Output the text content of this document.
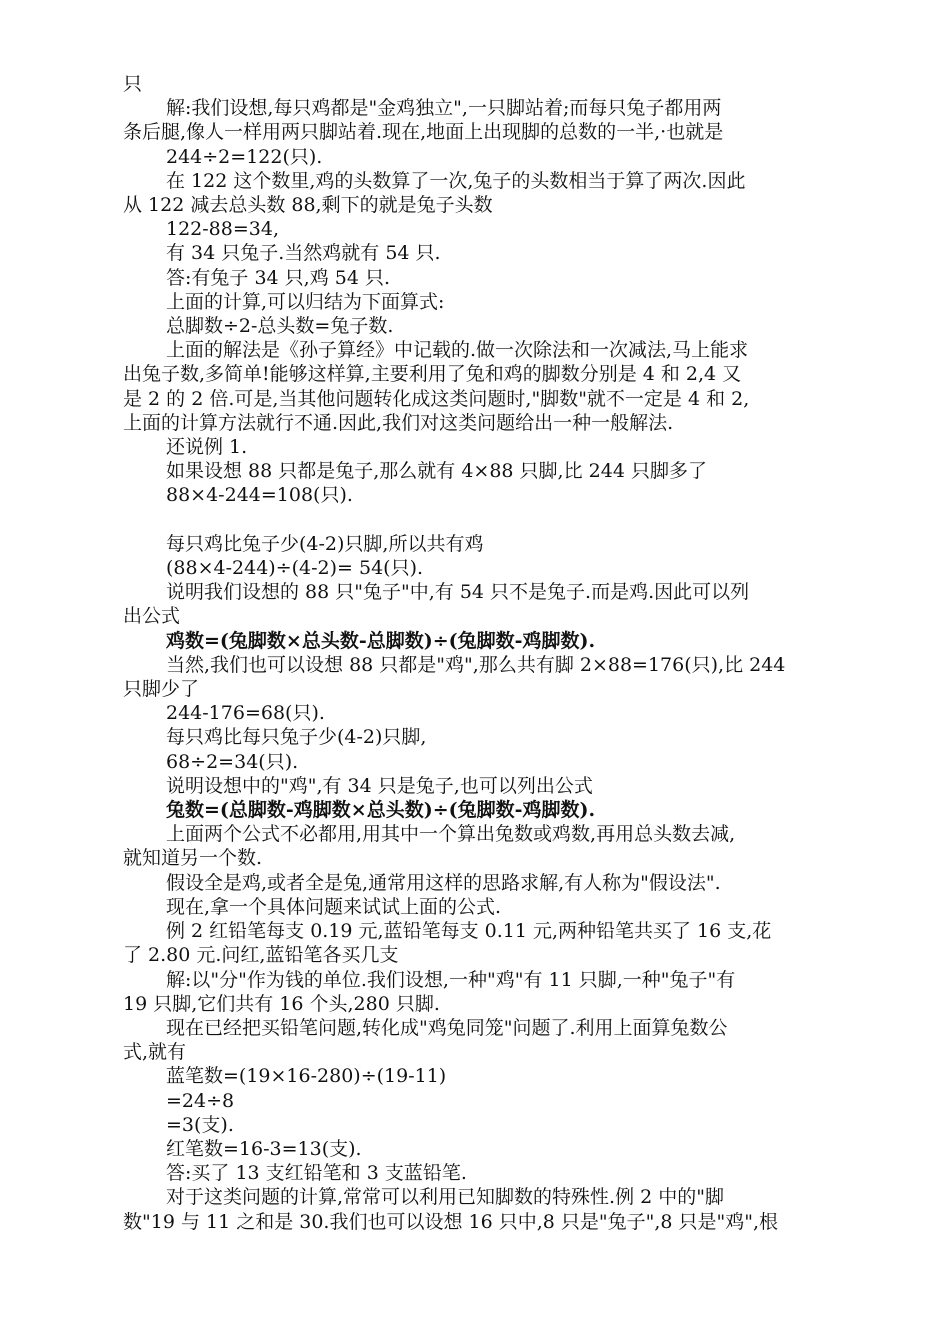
只
解:我们设想,每只鸡都是"金鸡独立",一只脚站着;而每只兔子都用两
条后腿,像人一样用两只脚站着.现在,地面上出现脚的总数的一半,·也就是
244÷2=122(只).
在 122 这个数里,鸡的头数算了一次,兔子的头数相当于算了两次.因此
从 122 减去总头数 88,剩下的就是兔子头数
122-88=34,
有 34 只兔子.当然鸡就有 54 只.
答:有兔子 34 只,鸡 54 只.
上面的计算,可以归结为下面算式:
总脚数÷2-总头数=兔子数.
上面的解法是《孙子算经》中记载的.做一次除法和一次减法,马上能求
出兔子数,多简单!能够这样算,主要利用了兔和鸡的脚数分别是 4 和 2,4 又
是 2 的 2 倍.可是,当其他问题转化成这类问题时,"脚数"就不一定是 4 和 2,
上面的计算方法就行不通.因此,我们对这类问题给出一种一般解法.
还说例 1.
如果设想 88 只都是兔子,那么就有 4×88 只脚,比 244 只脚多了
88×4-244=108(只).
每只鸡比兔子少(4-2)只脚,所以共有鸡
(88×4-244)÷(4-2)= 54(只).
说明我们设想的 88 只"兔子"中,有 54 只不是兔子.而是鸡.因此可以列
出公式
鸡数=(兔脚数×总头数-总脚数)÷(兔脚数-鸡脚数).
当然,我们也可以设想 88 只都是"鸡",那么共有脚 2×88=176(只),比 244
只脚少了
244-176=68(只).
每只鸡比每只兔子少(4-2)只脚,
68÷2=34(只).
说明设想中的"鸡",有 34 只是兔子,也可以列出公式
兔数=(总脚数-鸡脚数×总头数)÷(兔脚数-鸡脚数).
上面两个公式不必都用,用其中一个算出兔数或鸡数,再用总头数去减,
就知道另一个数.
假设全是鸡,或者全是兔,通常用这样的思路求解,有人称为"假设法".
现在,拿一个具体问题来试试上面的公式.
例 2 红铅笔每支 0.19 元,蓝铅笔每支 0.11 元,两种铅笔共买了 16 支,花
了 2.80 元.问红,蓝铅笔各买几支
解:以"分"作为钱的单位.我们设想,一种"鸡"有 11 只脚,一种"兔子"有
19 只脚,它们共有 16 个头,280 只脚.
现在已经把买铅笔问题,转化成"鸡兔同笼"问题了.利用上面算兔数公
式,就有
蓝笔数=(19×16-280)÷(19-11)
=24÷8
=3(支).
红笔数=16-3=13(支).
答:买了 13 支红铅笔和 3 支蓝铅笔.
对于这类问题的计算,常常可以利用已知脚数的特殊性.例 2 中的"脚
数"19 与 11 之和是 30.我们也可以设想 16 只中,8 只是"兔子",8 只是"鸡",根
